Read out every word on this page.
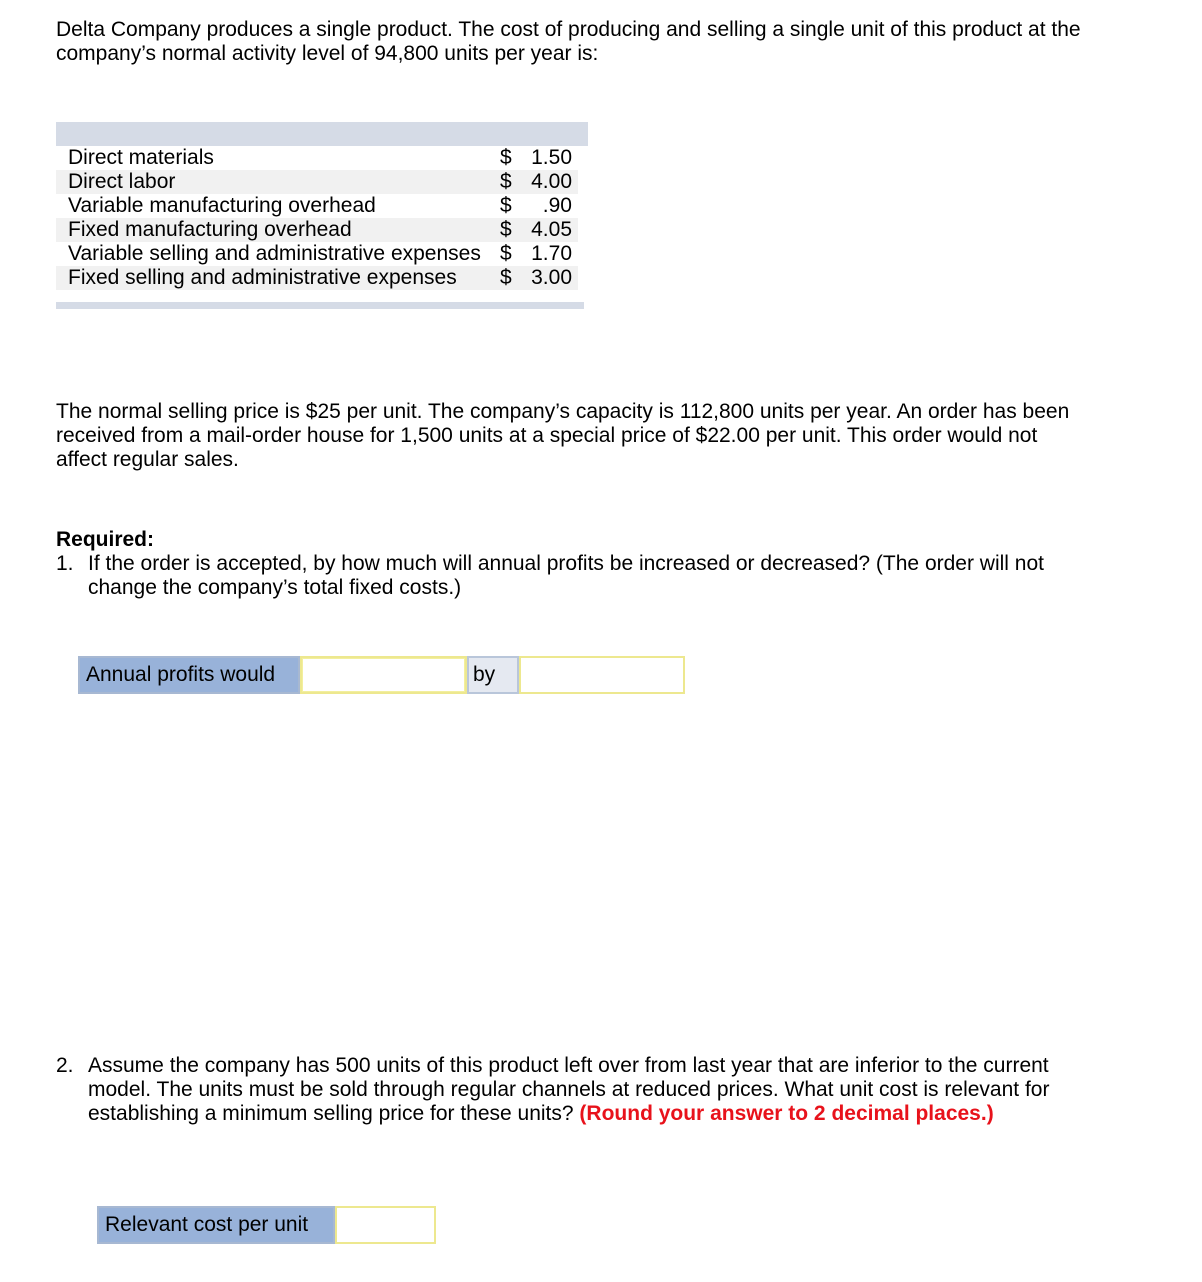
Delta Company produces a single product. The cost of producing and selling a single unit of this product at the company’s normal activity level of 94,800 units per year is:

Direct materials	$ 1.50
Direct labor	$ 4.00
Variable manufacturing overhead	$ .90
Fixed manufacturing overhead	$ 4.05
Variable selling and administrative expenses $ 1.70
Fixed selling and administrative expenses	$ 3.00

The normal selling price is $25 per unit. The company’s capacity is 112,800 units per year. An order has been received from a mail-order house for 1,500 units at a special price of $22.00 per unit. This order would not affect regular sales.

Required:
1. If the order is accepted, by how much will annual profits be increased or decreased? (The order will not change the company’s total fixed costs.)
Annual profits would	by
2. Assume the company has 500 units of this product left over from last year that are inferior to the current model. The units must be sold through regular channels at reduced prices. What unit cost is relevant for establishing a minimum selling price for these units? (Round your answer to 2 decimal places.)
Relevant cost per unit
